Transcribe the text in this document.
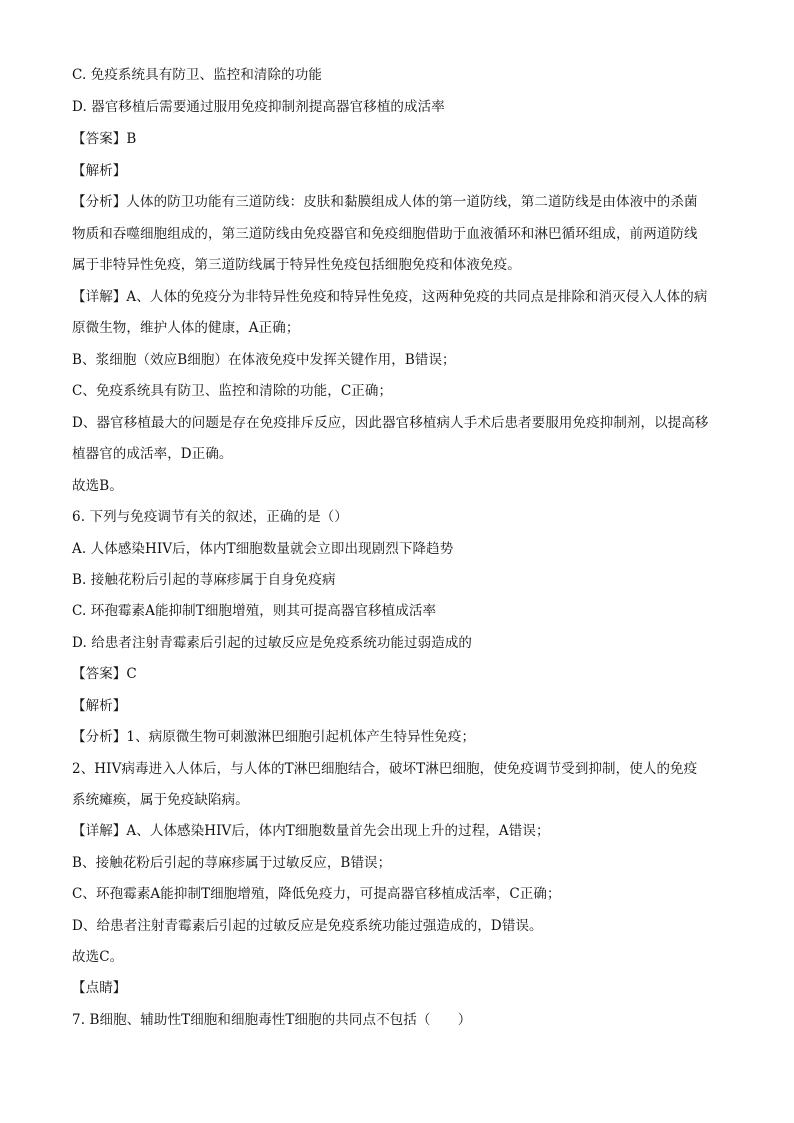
C. 免疫系统具有防卫、监控和清除的功能
D. 器官移植后需要通过服用免疫抑制剂提高器官移植的成活率
【答案】B
【解析】
【分析】人体的防卫功能有三道防线：皮肤和黏膜组成人体的第一道防线，第二道防线是由体液中的杀菌
物质和吞噬细胞组成的，第三道防线由免疫器官和免疫细胞借助于血液循环和淋巴循环组成，前两道防线
属于非特异性免疫，第三道防线属于特异性免疫包括细胞免疫和体液免疫。
【详解】A、人体的免疫分为非特异性免疫和特异性免疫，这两种免疫的共同点是排除和消灭侵入人体的病
原微生物，维护人体的健康，A正确；
B、浆细胞（效应B细胞）在体液免疫中发挥关键作用，B错误；
C、免疫系统具有防卫、监控和清除的功能，C正确；
D、器官移植最大的问题是存在免疫排斥反应，因此器官移植病人手术后患者要服用免疫抑制剂，以提高移
植器官的成活率，D正确。
故选B。
6. 下列与免疫调节有关的叙述，正确的是（）
A. 人体感染HIV后，体内T细胞数量就会立即出现剧烈下降趋势
B. 接触花粉后引起的荨麻疹属于自身免疫病
C. 环孢霉素A能抑制T细胞增殖，则其可提高器官移植成活率
D. 给患者注射青霉素后引起的过敏反应是免疫系统功能过弱造成的
【答案】C
【解析】
【分析】1、病原微生物可刺激淋巴细胞引起机体产生特异性免疫；
2、HIV病毒进入人体后，与人体的T淋巴细胞结合，破坏T淋巴细胞，使免疫调节受到抑制，使人的免疫
系统瘫痪，属于免疫缺陷病。
【详解】A、人体感染HIV后，体内T细胞数量首先会出现上升的过程，A错误；
B、接触花粉后引起的荨麻疹属于过敏反应，B错误；
C、环孢霉素A能抑制T细胞增殖，降低免疫力，可提高器官移植成活率，C正确；
D、给患者注射青霉素后引起的过敏反应是免疫系统功能过强造成的，D错误。
故选C。
【点睛】
7. B细胞、辅助性T细胞和细胞毒性T细胞的共同点不包括（　　）
